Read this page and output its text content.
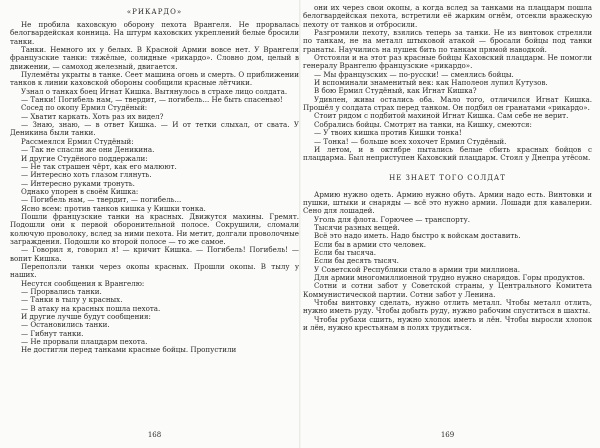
«РИКАРДО»

Не пробила каховскую оборону пехота Врангеля. Не прорвалась белогвардейская конница. На штурм каховских укреплений белые бросили танки.

Танки. Немного их у белых. В Красной Армии вовсе нет. У Врангеля французские танки: тяжёлые, солидные «рикардо». Словно дом, целый в движении, — самоход железный, двигается.

Пулемёты укрыты в танке. Сеет машина огонь и смерть. О приближении танков к линии каховской обороны сообщили красные лётчики.

Узнал о танках боец Игнат Кишка. Вытянулось в страхе лицо солдата.

— Танки! Погибель нам, — твердит, — погибель... Не быть спасенью!

Сосед по окопу Ермил Студёный:

— Хватит каркать. Хоть раз их видел?

— Знаю, знаю, — в ответ Кишка. — И от тетки слыхал, от свата. У Деникина были танки.

Рассмеялся Ермил Студёный:

— Так не спасли же они Деникина.

И другие Студёного поддержали:

— Не так страшен чёрт, как его малюют.

— Интересно хоть глазом глянуть.

— Интересно руками тронуть.

Однако упорен в своём Кишка:

— Погибель нам, — твердит, — погибель...

Ясно всем: против танков кишка у Кишки тонка.

Пошли французские танки на красных. Движутся махины. Гремят. Подошли они к первой оборонительной полосе. Сокрушили, сломали колючую проволоку, вслед за ними пехота. Ни метит, долгали проволочные заграждения. Подошли ко второй полосе — то же самое.

— Говорил я, говорил я! — кричит Кишка. — Погибель! Погибель! — вопит Кишка.

Переползли танки через окопы красных. Прошли окопы. В тылу у наших.

Несутся сообщения к Врангелю:

— Прорвались танки.

— Танки в тылу у красных.

— В атаку на красных пошла пехота.

И другие лучше будут сообщения:

— Остановились танки.

— Гибнут танки.

— Не прорвали плацдарм пехота.

Не достигли перед танками красные бойцы. Пропустили

168

они их через свои окопы, а когда вслед за танками на плацдарм пошла белогвардейская пехота, встретили её жарким огнём, отсекли вражескую пехоту от танков и отбросили.

Разгромили пехоту, взялись теперь за танки. Не из винтовок стреляли по танкам, не на металл штыковой атакой — бросали бойцы под танки гранаты. Научились на пушек бить по танкам прямой наводкой.

Отстояли и на этот раз красные бойцы Каховский плацдарм. Не помогли генералу Врангелю французские «рикардо».

— Мы французских — по-русски! — смеялись бойцы.

И вспоминали знаменитый век: как Наполеон лупил Кутузов.

В бою Ермил Студёный, как Игнат Кишка?

Удивлен, живы остались оба. Мало того, отличился Игнат Кишка. Прошёл у солдата страх перед танком. Он подбил он гранатами «рикардо».

Стоит рядом с подбитой махиной Игнат Кишка. Сам себе не верит.

Собрались бойцы. Смотрят на танки, на Кишку, смеются:

— У твоих кишка против Кишки тонка!

— Тонка! — больше всех хохочет Ермил Студёный.

И летом, и в октябре пытались белые сбить красных бойцов с плацдарма. Был неприступен Каховский плацдарм. Стоял у Днепра утёсом.

НЕ ЗНАЕТ ТОГО СОЛДАТ

Армию нужно одеть. Армию нужно обуть. Армии надо есть. Винтовки и пушки, штыки и снаряды — всё это нужно армии. Лошади для кавалерии. Сено для лошадей.

Уголь для флота. Горючее — транспорту.

Тысячи разных вещей.

Всё это надо иметь. Надо быстро к войскам доставить.

Если бы в армии сто человек.

Если бы тысяча.

Если бы десять тысяч.

У Советской Республики стало в армии три миллиона.

Для армии многомиллионной трудно нужно снарядов. Горы продуктов.

Сотни и сотни забот у Советской страны, у Центрального Комитета Коммунистической партии. Сотни забот у Ленина.

Чтобы винтовку сделать, нужно отлить металл. Чтобы металл отлить, нужно иметь руду. Чтобы добыть руду, нужно рабочим спуститься в шахты.

Чтобы рубахи сшить, нужно хлопок иметь и лён. Чтобы выросли хлопок и лён, нужно крестьянам в полях трудиться.

169
